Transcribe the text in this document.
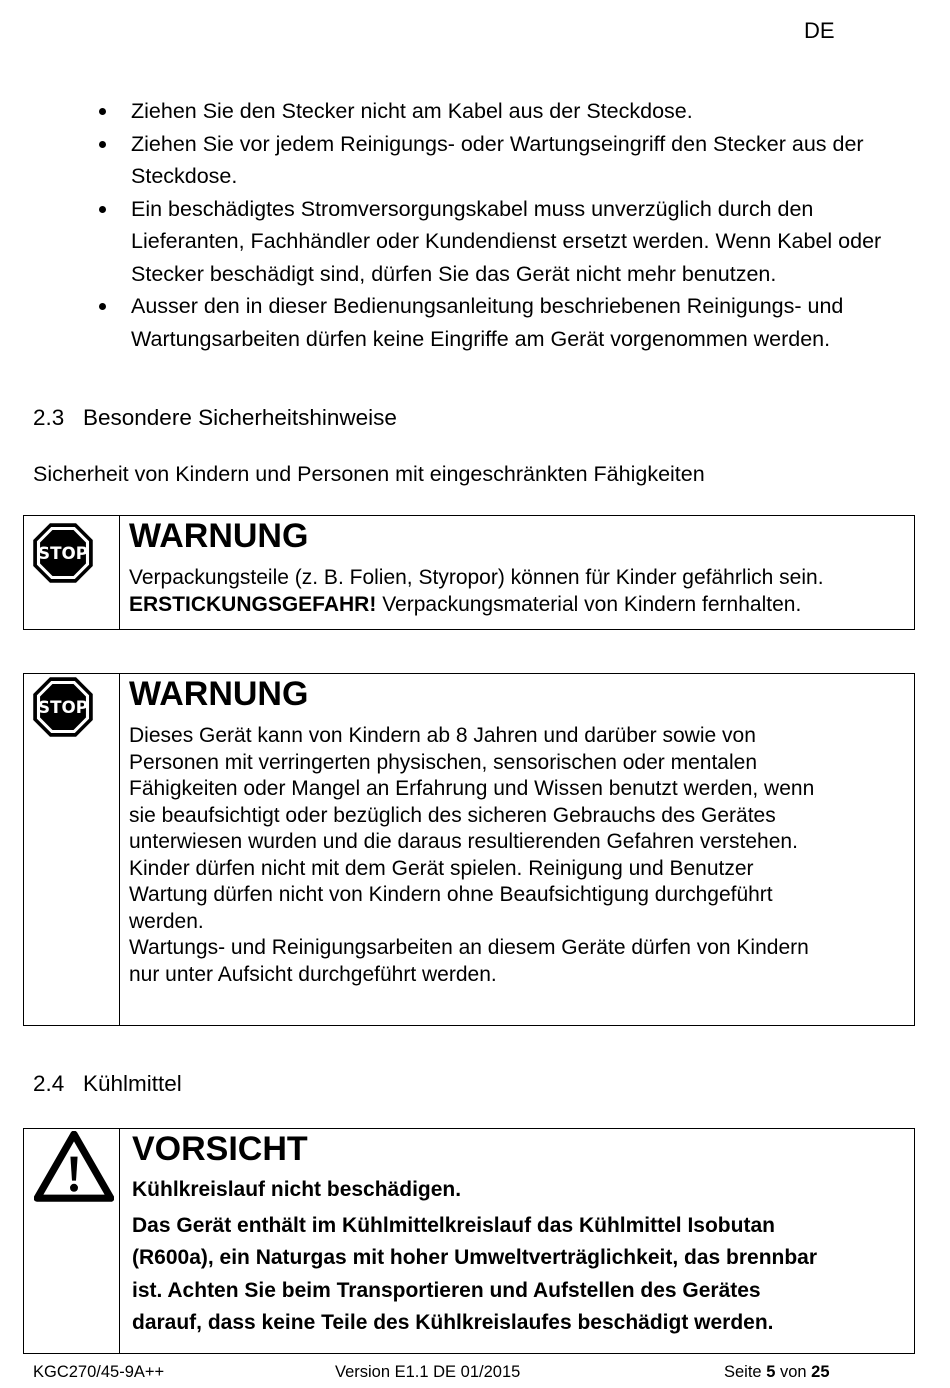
DE
Ziehen Sie den Stecker nicht am Kabel aus der Steckdose.
Ziehen Sie vor jedem Reinigungs- oder Wartungseingriff den Stecker aus der Steckdose.
Ein beschädigtes Stromversorgungskabel muss unverzüglich durch den Lieferanten, Fachhändler oder Kundendienst ersetzt werden. Wenn Kabel oder Stecker beschädigt sind, dürfen Sie das Gerät nicht mehr benutzen.
Ausser den in dieser Bedienungsanleitung beschriebenen Reinigungs- und Wartungsarbeiten dürfen keine Eingriffe am Gerät vorgenommen werden.
2.3 Besondere Sicherheitshinweise
Sicherheit von Kindern und Personen mit eingeschränkten Fähigkeiten
STOP WARNUNG
Verpackungsteile (z. B. Folien, Styropor) können für Kinder gefährlich sein.
ERSTICKUNGSGEFAHR! Verpackungsmaterial von Kindern fernhalten.
STOP WARNUNG
Dieses Gerät kann von Kindern ab 8 Jahren und darüber sowie von
Personen mit verringerten physischen, sensorischen oder mentalen
Fähigkeiten oder Mangel an Erfahrung und Wissen benutzt werden, wenn
sie beaufsichtigt oder bezüglich des sicheren Gebrauchs des Gerätes
unterwiesen wurden und die daraus resultierenden Gefahren verstehen.
Kinder dürfen nicht mit dem Gerät spielen. Reinigung und Benutzer
Wartung dürfen nicht von Kindern ohne Beaufsichtigung durchgeführt
werden.
Wartungs- und Reinigungsarbeiten an diesem Geräte dürfen von Kindern
nur unter Aufsicht durchgeführt werden.
2.4 Kühlmittel
VORSICHT
Kühlkreislauf nicht beschädigen.
Das Gerät enthält im Kühlmittelkreislauf das Kühlmittel Isobutan
(R600a), ein Naturgas mit hoher Umweltverträglichkeit, das brennbar
ist. Achten Sie beim Transportieren und Aufstellen des Gerätes
darauf, dass keine Teile des Kühlkreislaufes beschädigt werden.
KGC270/45-9A++	Version E1.1 DE 01/2015	Seite 5 von 25
